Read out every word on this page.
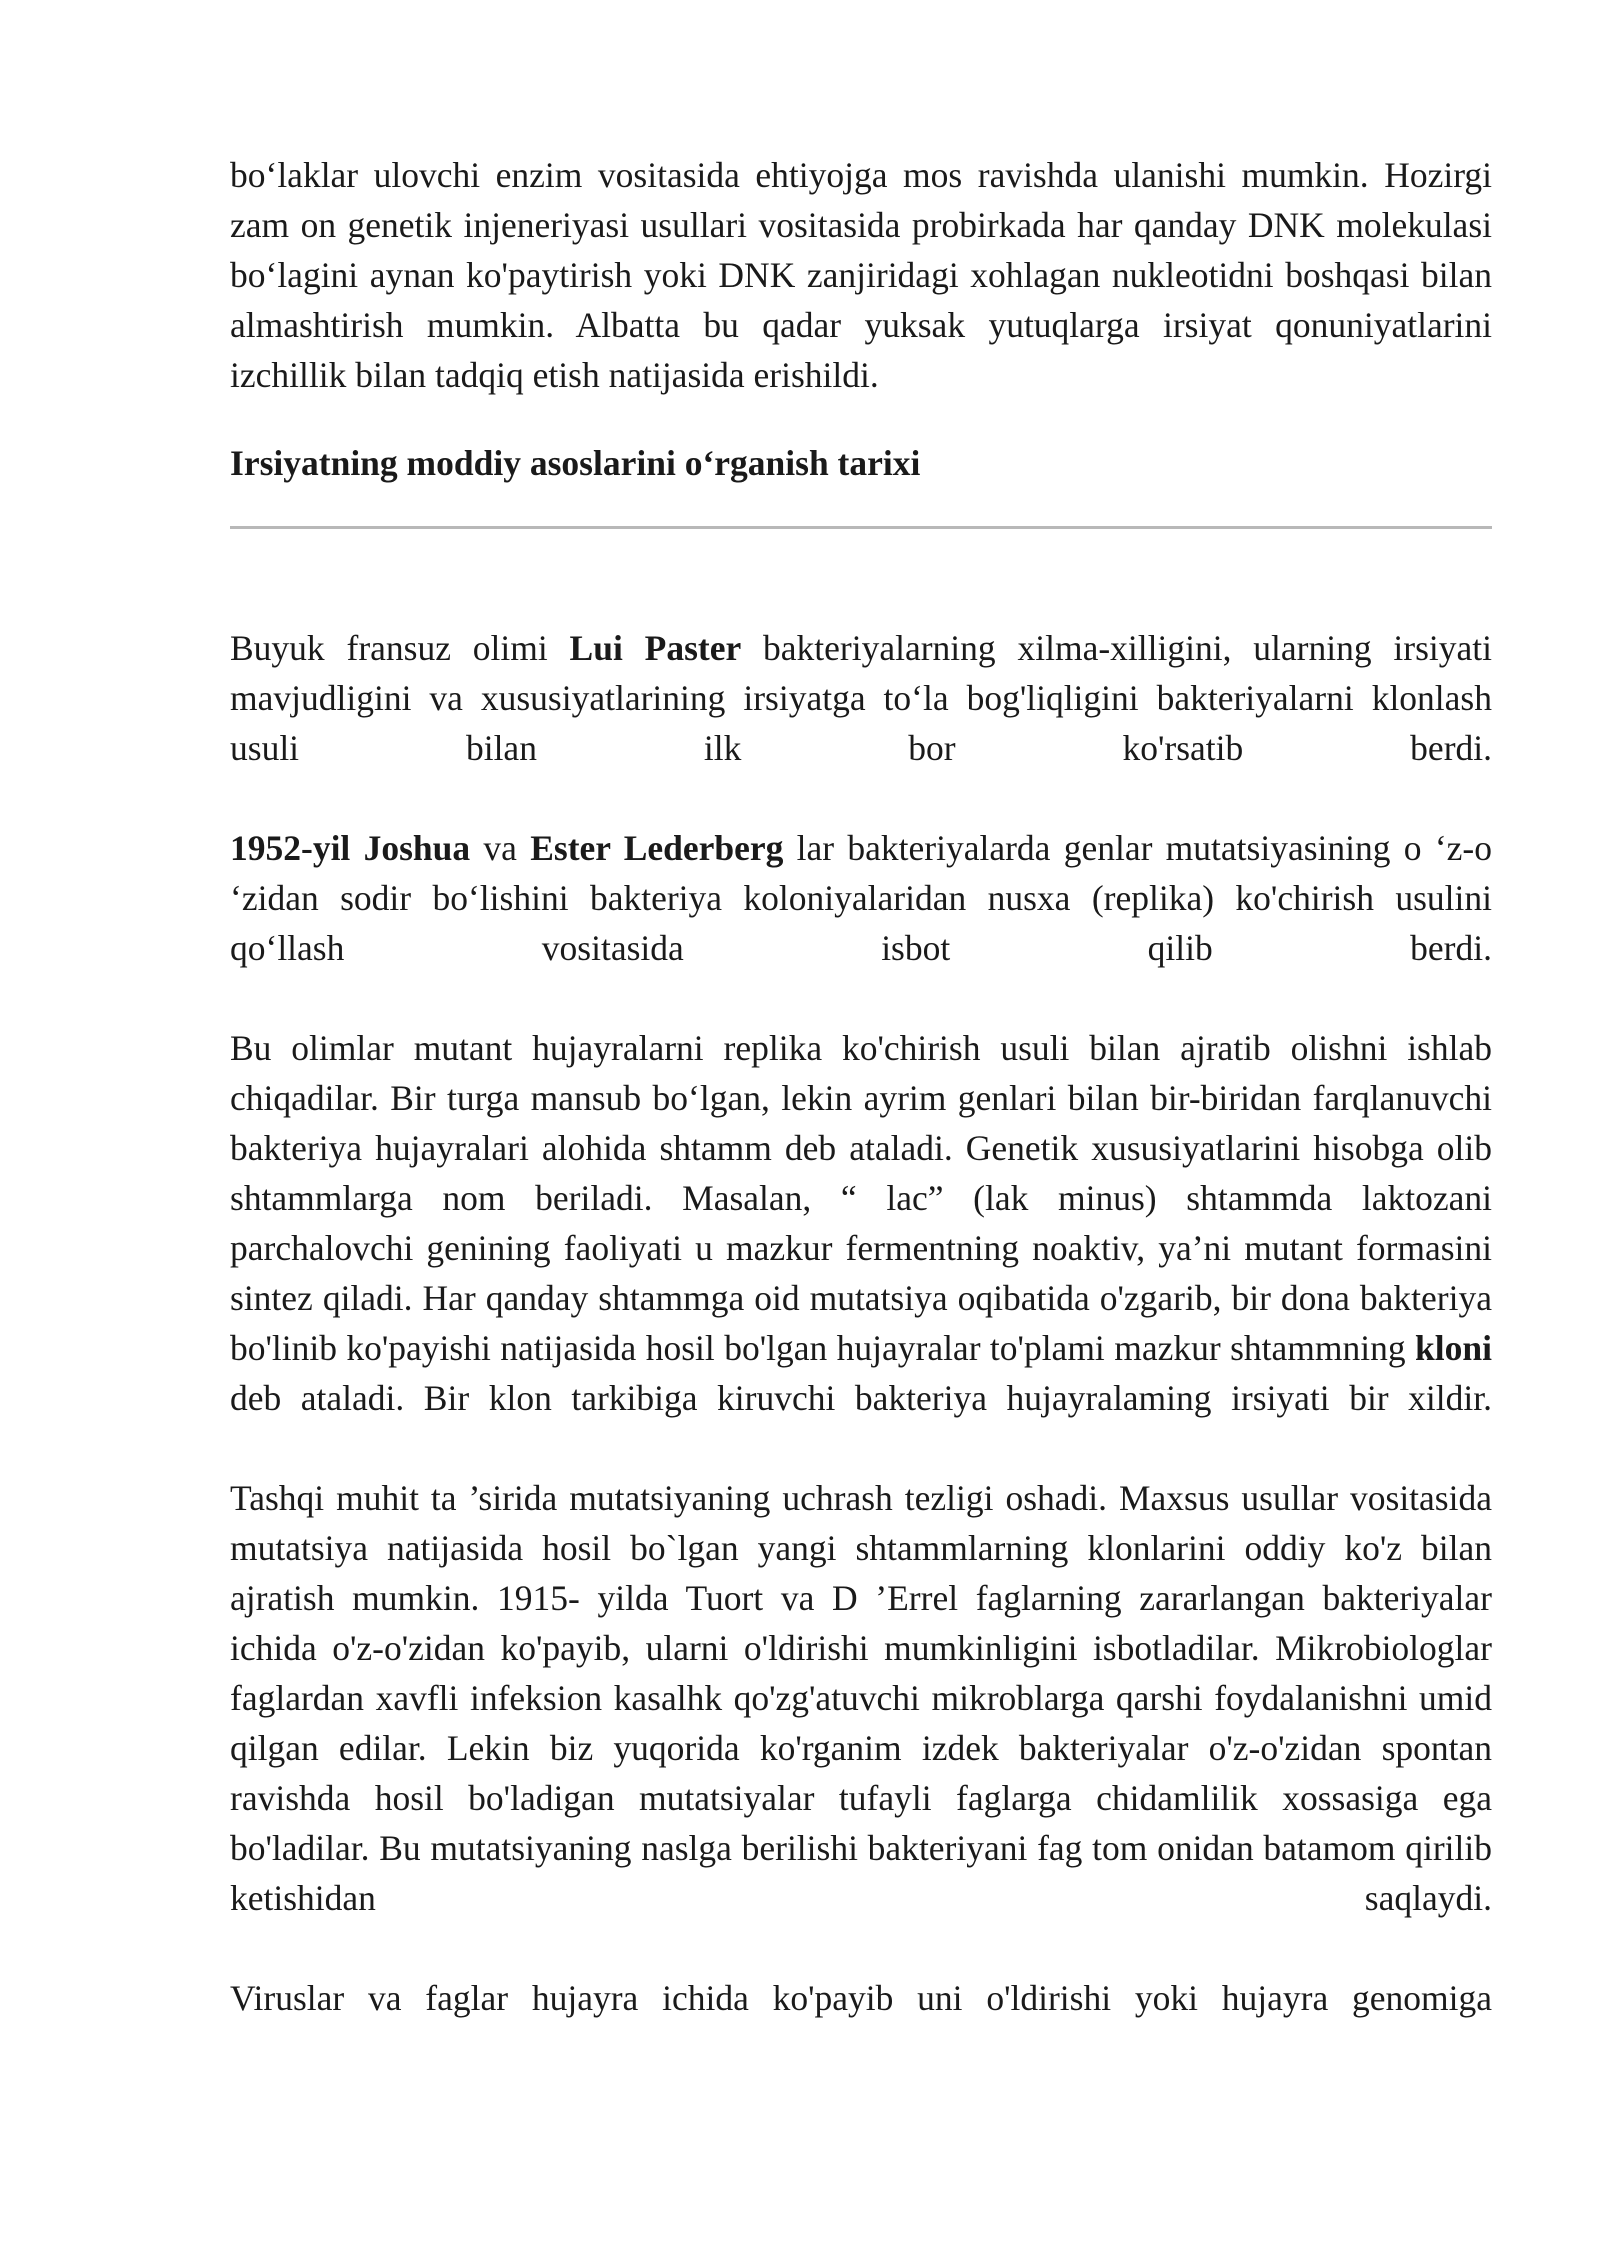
bo‘laklar ulovchi enzim vositasida ehtiyojga mos ravishda ulanishi mumkin. Hozirgi zam on genetik injeneriyasi usullari vositasida probirkada har qanday DNK molekulasi bo‘lagini aynan ko'paytirish yoki DNK zanjiridagi xohlagan nukleotidni boshqasi bilan almashtirish mumkin. Albatta bu qadar yuksak yutuqlarga irsiyat qonuniyatlarini izchillik bilan tadqiq etish natijasida erishildi.

Irsiyatning moddiy asoslarini o‘rganish tarixi

Buyuk fransuz olimi Lui Paster bakteriyalarning xilma-xilligini, ularning irsiyati mavjudligini va xususiyatlarining irsiyatga to‘la bog'liqligini bakteriyalarni klonlash usuli bilan ilk bor ko'rsatib berdi.

1952-yil Joshua va Ester Lederberg lar bakteriyalarda genlar mutatsiyasining o ‘z-o ‘zidan sodir bo‘lishini bakteriya koloniyalaridan nusxa (replika) ko'chirish usulini qo‘llash vositasida isbot qilib berdi.

Bu olimlar mutant hujayralarni replika ko'chirish usuli bilan ajratib olishni ishlab chiqadilar. Bir turga mansub bo‘lgan, lekin ayrim genlari bilan bir-biridan farqlanuvchi bakteriya hujayralari alohida shtamm deb ataladi. Genetik xususiyatlarini hisobga olib shtammlarga nom beriladi. Masalan, “ lac” (lak minus) shtammda laktozani parchalovchi genining faoliyati u mazkur fermentning noaktiv, ya’ni mutant formasini sintez qiladi. Har qanday shtammga oid mutatsiya oqibatida o'zgarib, bir dona bakteriya bo'linib ko'payishi natijasida hosil bo'lgan hujayralar to'plami mazkur shtammning kloni deb ataladi. Bir klon tarkibiga kiruvchi bakteriya hujayralaming irsiyati bir xildir.

Tashqi muhit ta ’sirida mutatsiyaning uchrash tezligi oshadi. Maxsus usullar vositasida mutatsiya natijasida hosil bo`lgan yangi shtammlarning klonlarini oddiy ko'z bilan ajratish mumkin. 1915- yilda Tuort va D ’Errel faglarning zararlangan bakteriyalar ichida o'z-o'zidan ko'payib, ularni o'ldirishi mumkinligini isbotladilar. Mikrobiologlar faglardan xavfli infeksion kasalhk qo'zg'atuvchi mikroblarga qarshi foydalanishni umid qilgan edilar. Lekin biz yuqorida ko'rganim izdek bakteriyalar o'z-o'zidan spontan ravishda hosil bo'ladigan mutatsiyalar tufayli faglarga chidamlilik xossasiga ega bo'ladilar. Bu mutatsiyaning naslga berilishi bakteriyani fag tom onidan batamom qirilib ketishidan saqlaydi.

Viruslar va faglar hujayra ichida ko'payib uni o'ldirishi yoki hujayra genomiga
